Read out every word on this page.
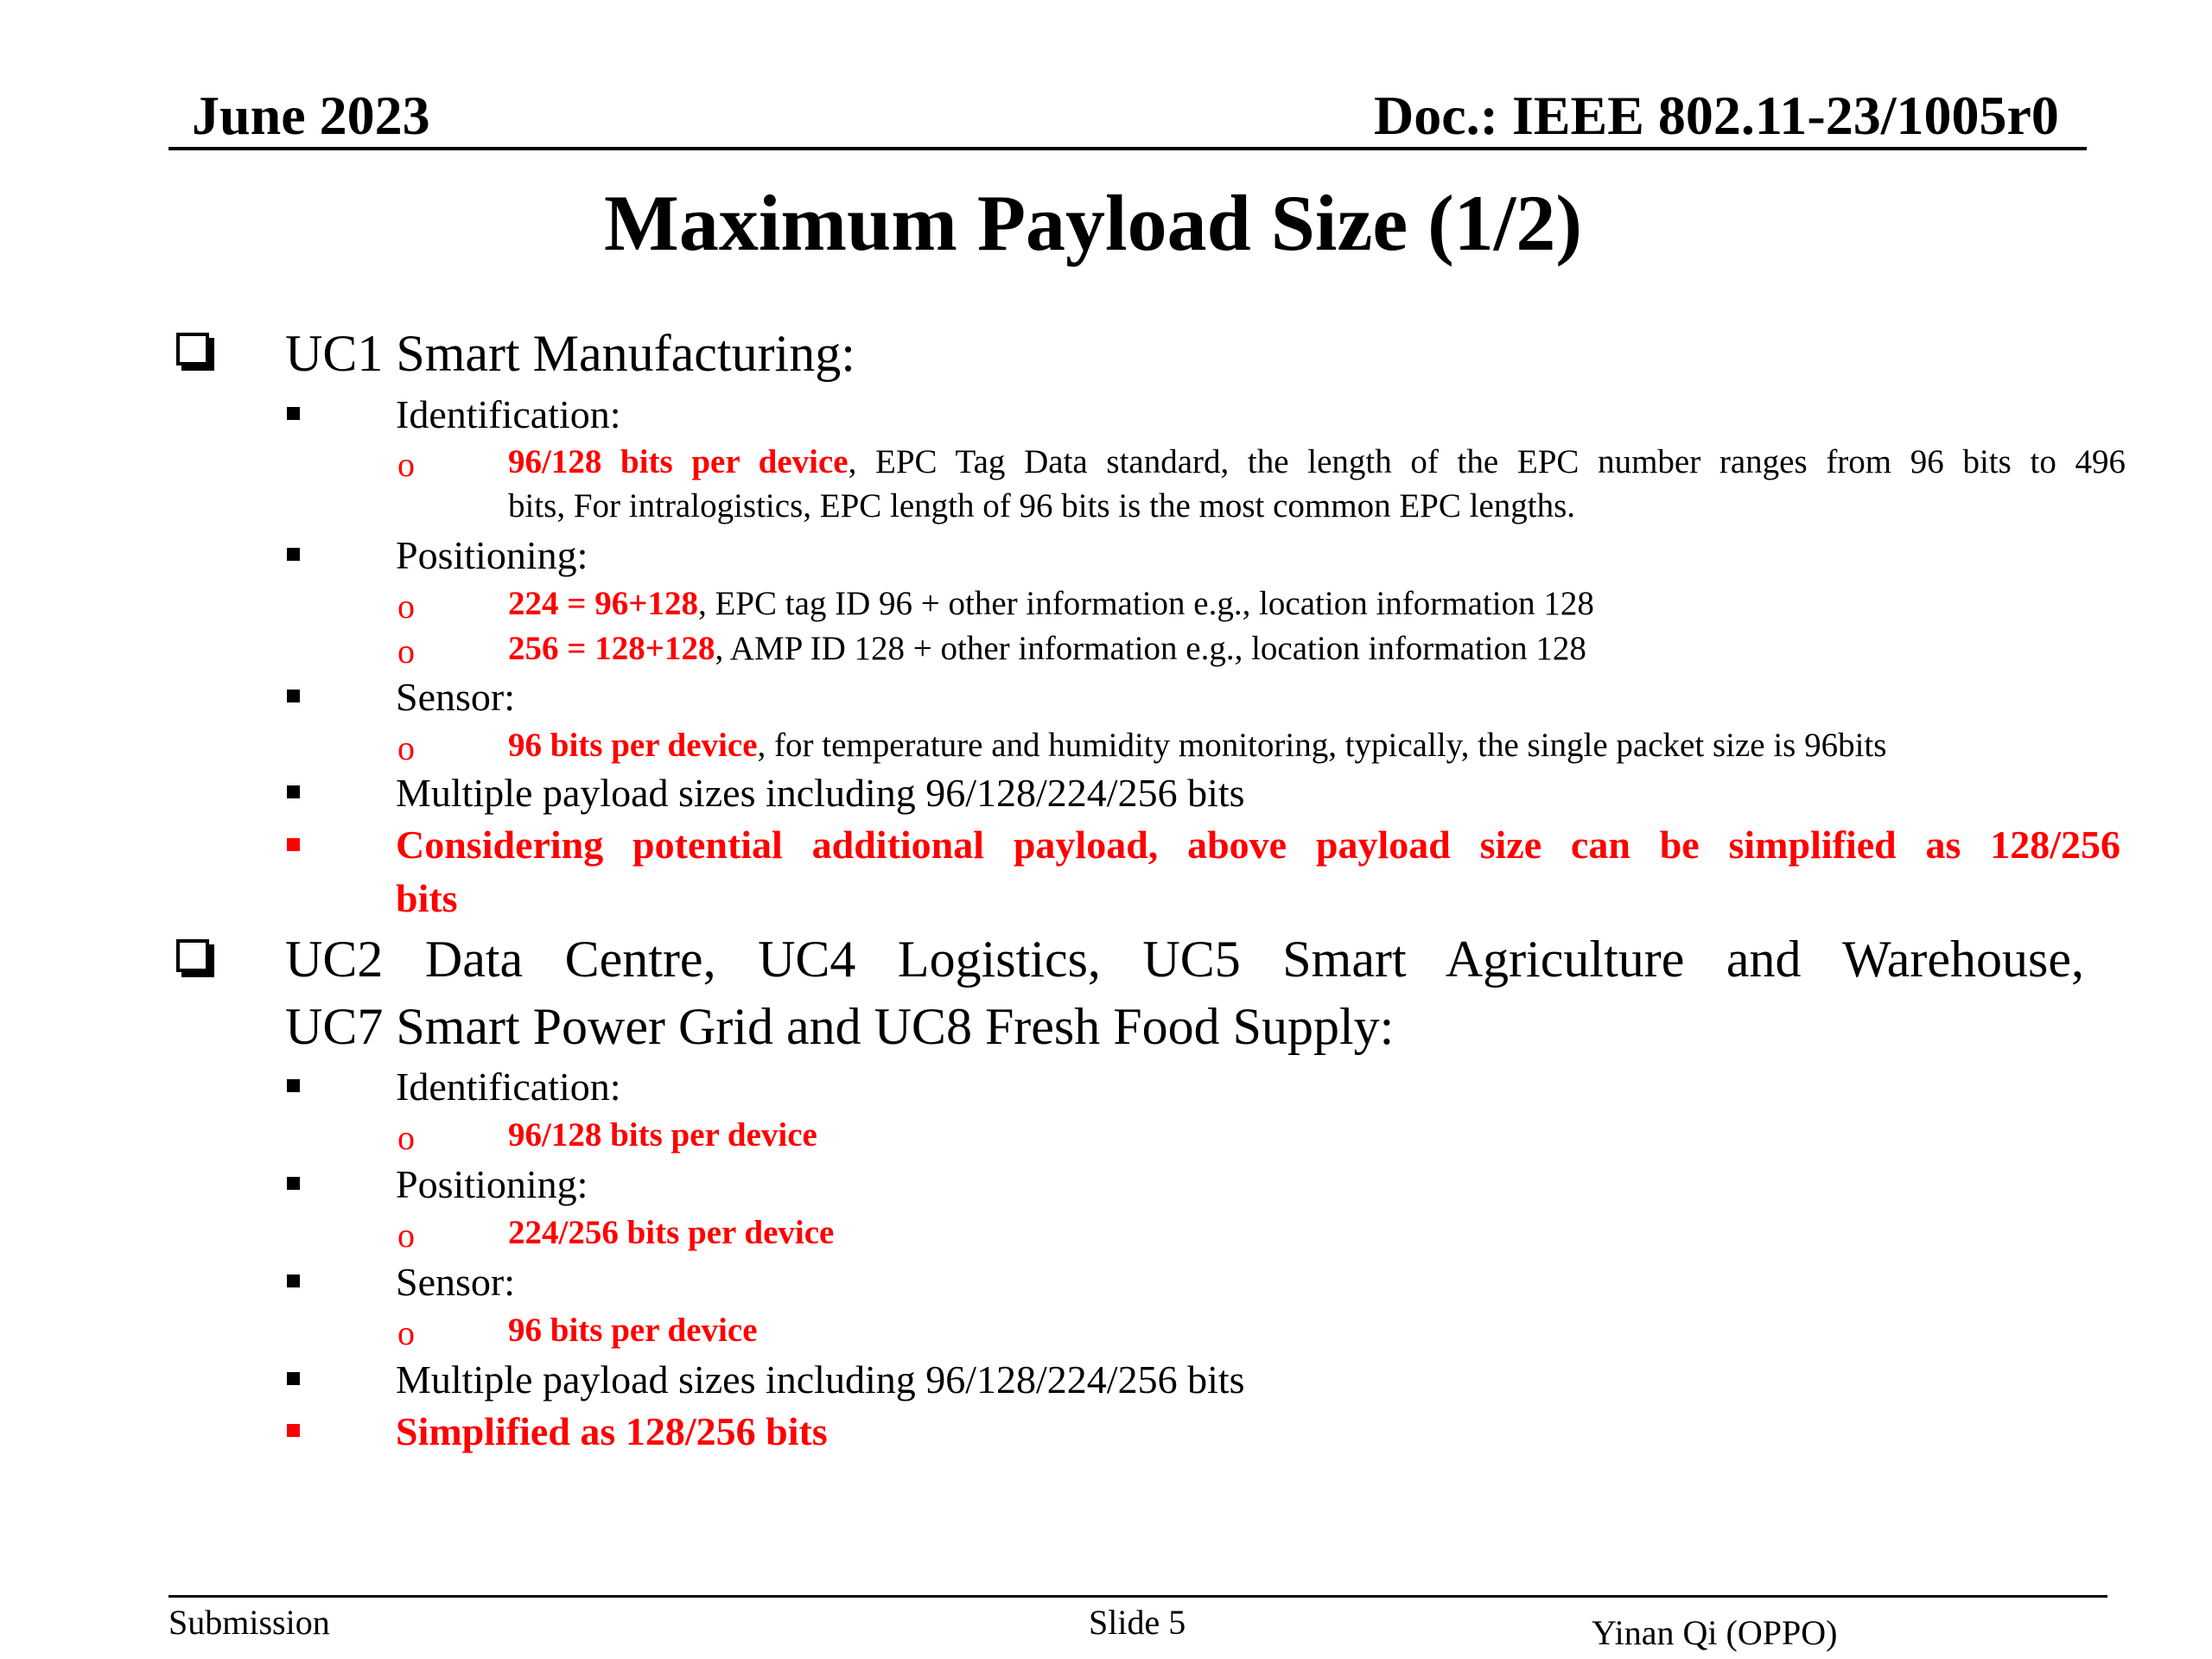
June 2023	Doc.: IEEE 802.11-23/1005r0
Maximum Payload Size (1/2)
UC1 Smart Manufacturing:
Identification:
o	96/128 bits per device, EPC Tag Data standard, the length of the EPC number ranges from 96 bits to 496
bits, For intralogistics, EPC length of 96 bits is the most common EPC lengths.
Positioning:
o	224 = 96+128, EPC tag ID 96 + other information e.g., location information 128
o	256 = 128+128, AMP ID 128 + other information e.g., location information 128
Sensor:
o	96 bits per device, for temperature and humidity monitoring, typically, the single packet size is 96bits
Multiple payload sizes including 96/128/224/256 bits
Considering potential additional payload, above payload size can be simplified as 128/256
bits
UC2 Data Centre, UC4 Logistics, UC5 Smart Agriculture and Warehouse,
UC7 Smart Power Grid and UC8 Fresh Food Supply:
Identification:
o	96/128 bits per device
Positioning:
o	224/256 bits per device
Sensor:
o	96 bits per device
Multiple payload sizes including 96/128/224/256 bits
Simplified as 128/256 bits
Submission	Slide 5	Yinan Qi (OPPO)
